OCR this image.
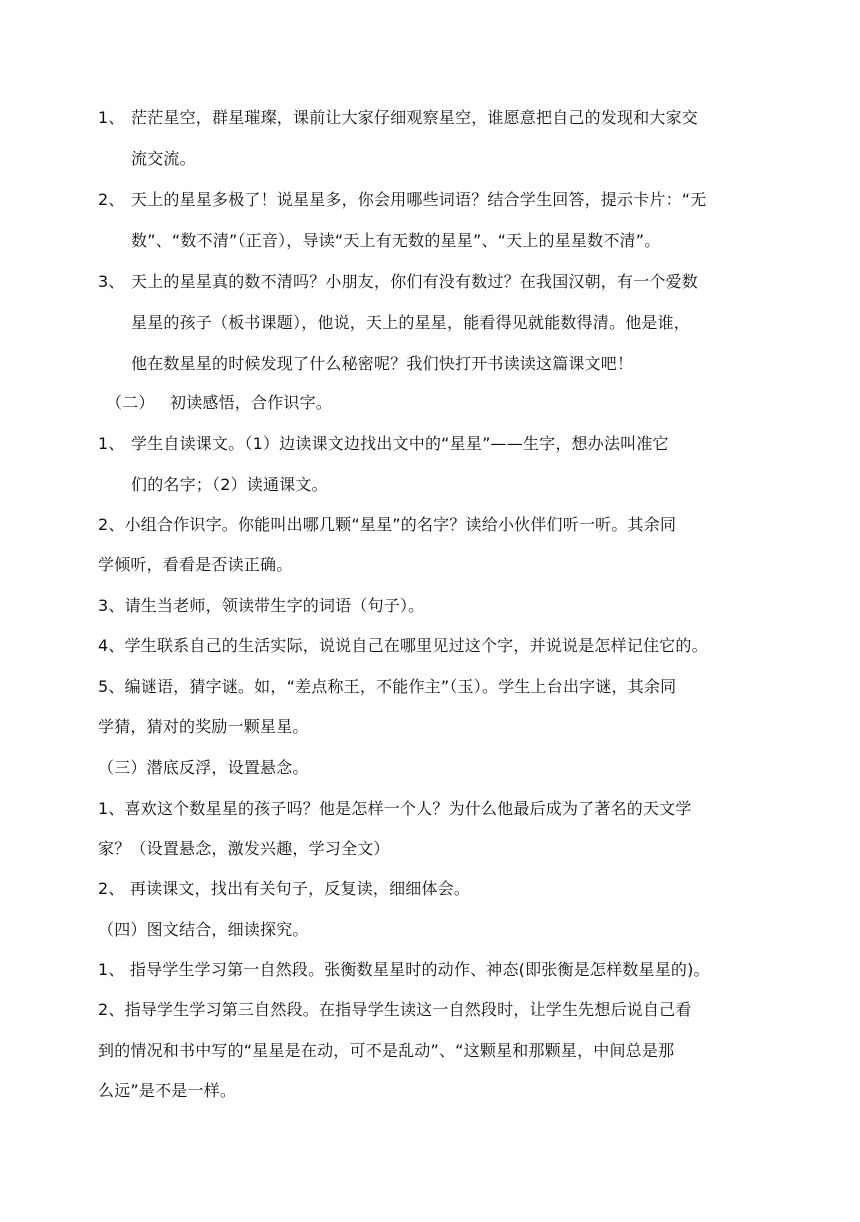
1、 茫茫星空，群星璀璨，课前让大家仔细观察星空，谁愿意把自己的发现和大家交
流交流。
2、 天上的星星多极了！说星星多，你会用哪些词语？结合学生回答，提示卡片：“无
数”、“数不清”（正音），导读“天上有无数的星星”、“天上的星星数不清”。
3、 天上的星星真的数不清吗？小朋友，你们有没有数过？在我国汉朝，有一个爱数
星星的孩子（板书课题），他说，天上的星星，能看得见就能数得清。他是谁，
他在数星星的时候发现了什么秘密呢？我们快打开书读读这篇课文吧！
（二） 初读感悟，合作识字。
1、 学生自读课文。（1）边读课文边找出文中的“星星”——生字，想办法叫准它
们的名字；（2）读通课文。
2、小组合作识字。你能叫出哪几颗“星星”的名字？读给小伙伴们听一听。其余同
学倾听，看看是否读正确。
3、请生当老师，领读带生字的词语（句子）。
4、学生联系自己的生活实际，说说自己在哪里见过这个字，并说说是怎样记住它的。
5、编谜语，猜字谜。如，“差点称王，不能作主”（玉）。学生上台出字谜，其余同
学猜，猜对的奖励一颗星星。
（三）潜底反浮，设置悬念。
1、喜欢这个数星星的孩子吗？他是怎样一个人？为什么他最后成为了著名的天文学
家？（设置悬念，激发兴趣，学习全文）
2、 再读课文，找出有关句子，反复读，细细体会。
（四）图文结合，细读探究。
1、 指导学生学习第一自然段。张衡数星星时的动作、神态(即张衡是怎样数星星的)。
2、指导学生学习第三自然段。在指导学生读这一自然段时，让学生先想后说自己看
到的情况和书中写的“星星是在动，可不是乱动”、“这颗星和那颗星，中间总是那
么远”是不是一样。
